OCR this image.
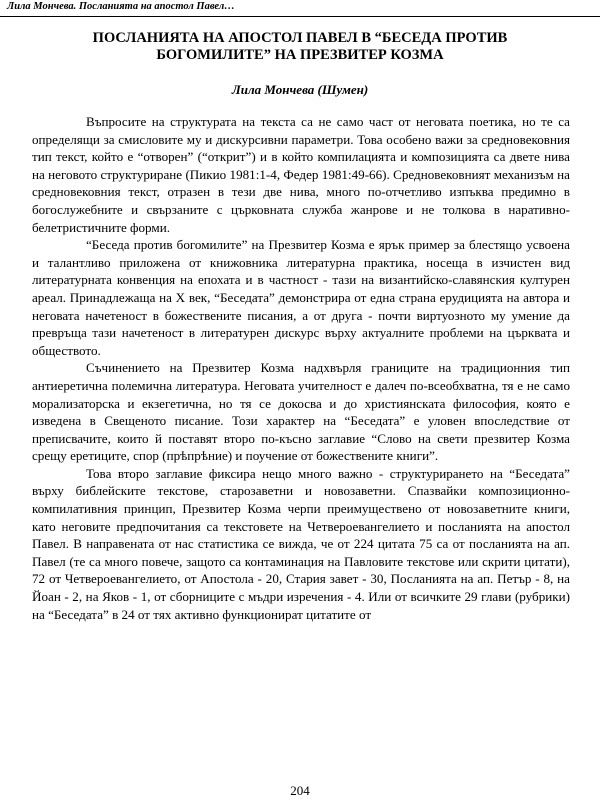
Лила Мончева. Посланията на апостол Павел…
ПОСЛАНИЯТА НА АПОСТОЛ ПАВЕЛ В “БЕСЕДА ПРОТИВ
БОГОМИЛИТЕ” НА ПРЕЗВИТЕР КОЗМА
Лила Мончева (Шумен)

Въпросите на структурата на текста са не само част от неговата поетика, но те са определящи за смисловите му и дискурсивни параметри. Това особено важи за средновековния тип текст, който е “отворен” (“открит”) и в който компилацията и композицията са двете нива на неговото структуриране (Пикио 1981:1-4, Федер 1981:49-66). Средновековният механизъм на средновековния текст, отразен в тези две нива, много по-отчетливо изпъква предимно в богослужебните и свързаните с църковната служба жанрове и не толкова в наративно-белетристичните форми.

“Беседа против богомилите” на Презвитер Козма е ярък пример за блестящо усвоена и талантливо приложена от книжовника литературна практика, носеща в изчистен вид литературната конвенция на епохата и в частност - тази на византийско-славянския културен ареал. Принадлежаща на X век, “Беседата” демонстрира от една страна ерудицията на автора и неговата начетеност в божествените писания, а от друга - почти виртуозното му умение да превръща тази начетеност в литературен дискурс върху актуалните проблеми на църквата и обществото.

Съчинението на Презвитер Козма надхвърля границите на традиционния тип антиеретична полемична литература. Неговата учителност е далеч по-всеобхватна, тя е не само морализаторска и екзегетична, но тя се докосва и до християнската философия, която е изведена в Свещеното писание. Този характер на “Беседата” е уловен впоследствие от преписвачите, които й поставят второ по-късно заглавие “Слово на свети презвитер Козма срещу еретиците, спор (прѣпрѣние) и поучение от божествените книги”.

Това второ заглавие фиксира нещо много важно - структурирането на “Беседата” върху библейските текстове, старозаветни и новозаветни. Спазвайки композиционно-компилативния принцип, Презвитер Козма черпи преимуществено от новозаветните книги, като неговите предпочитания са текстовете на Четвероевангелието и посланията на апостол Павел. В направената от нас статистика се вижда, че от 224 цитата 75 са от посланията на ап. Павел (те са много повече, защото са контаминация на Павловите текстове или скрити цитати), 72 от Четвероевангелието, от Апостола - 20, Стария завет - 30, Посланията на ап. Петър - 8, на Йоан - 2, на Яков - 1, от сборниците с мъдри изречения - 4. Или от всичките 29 глави (рубрики) на “Беседата” в 24 от тях активно функционират цитатите от

204
